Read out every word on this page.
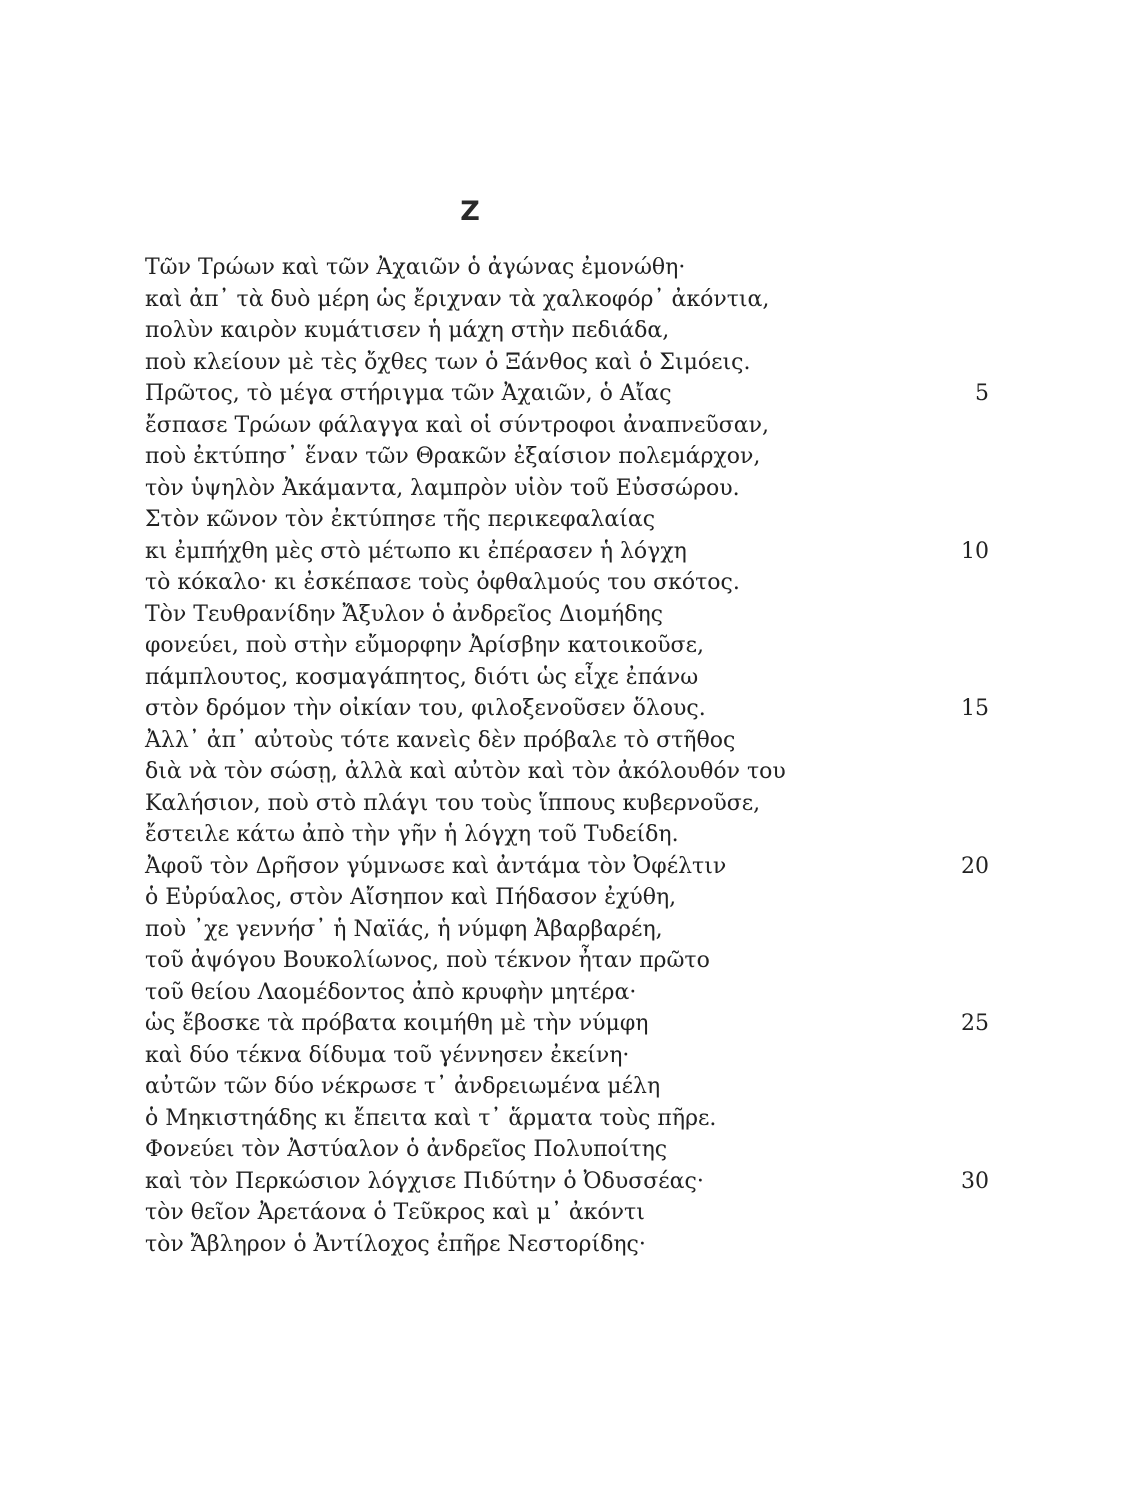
Z
Τῶν Τρώων καὶ τῶν Ἀχαιῶν ὁ ἀγώνας ἐμονώθη·
καὶ ἀπ᾽ τὰ δυὸ μέρη ὡς ἔριχναν τὰ χαλκοφόρ᾽ ἀκόντια,
πολὺν καιρὸν κυμάτισεν ἡ μάχη στὴν πεδιάδα,
ποὺ κλείουν μὲ τὲς ὄχθες των ὁ Ξάνθος καὶ ὁ Σιμόεις.
Πρῶτος, τὸ μέγα στήριγμα τῶν Ἀχαιῶν, ὁ Αἴας	5
ἔσπασε Τρώων φάλαγγα καὶ οἱ σύντροφοι ἀναπνεῦσαν,
ποὺ ἐκτύπησ᾽ ἕναν τῶν Θρακῶν ἐξαίσιον πολεμάρχον,
τὸν ὑψηλὸν Ἀκάμαντα, λαμπρὸν υἱὸν τοῦ Εὐσσώρου.
Στὸν κῶνον τὸν ἐκτύπησε τῆς περικεφαλαίας
κι ἐμπήχθη μὲς στὸ μέτωπο κι ἐπέρασεν ἡ λόγχη	10
τὸ κόκαλο· κι ἐσκέπασε τοὺς ὀφθαλμούς του σκότος.
Τὸν Τευθρανίδην Ἄξυλον ὁ ἀνδρεῖος Διομήδης
φονεύει, ποὺ στὴν εὔμορφην Ἀρίσβην κατοικοῦσε,
πάμπλουτος, κοσμαγάπητος, διότι ὡς εἶχε ἐπάνω
στὸν δρόμον τὴν οἰκίαν του, φιλοξενοῦσεν ὅλους.	15
Ἀλλ᾽ ἀπ᾽ αὐτοὺς τότε κανεὶς δὲν πρόβαλε τὸ στῆθος
διὰ νὰ τὸν σώσῃ, ἀλλὰ καὶ αὐτὸν καὶ τὸν ἀκόλουθόν του
Καλήσιον, ποὺ στὸ πλάγι του τοὺς ἵππους κυβερνοῦσε,
ἔστειλε κάτω ἀπὸ τὴν γῆν ἡ λόγχη τοῦ Τυδείδη.
Ἀφοῦ τὸν Δρῆσον γύμνωσε καὶ ἀντάμα τὸν Ὀφέλτιν	20
ὁ Εὐρύαλος, στὸν Αἴσηπον καὶ Πήδασον ἐχύθη,
ποὺ ᾽χε γεννήσ᾽ ἡ Ναϊάς, ἡ νύμφη Ἀβαρβαρέη,
τοῦ ἀψόγου Βουκολίωνος, ποὺ τέκνον ἦταν πρῶτο
τοῦ θείου Λαομέδοντος ἀπὸ κρυφὴν μητέρα·
ὡς ἔβοσκε τὰ πρόβατα κοιμήθη μὲ τὴν νύμφη	25
καὶ δύο τέκνα δίδυμα τοῦ γέννησεν ἐκείνη·
αὐτῶν τῶν δύο νέκρωσε τ᾽ ἀνδρειωμένα μέλη
ὁ Μηκιστηάδης κι ἔπειτα καὶ τ᾽ ἅρματα τοὺς πῆρε.
Φονεύει τὸν Ἀστύαλον ὁ ἀνδρεῖος Πολυποίτης
καὶ τὸν Περκώσιον λόγχισε Πιδύτην ὁ Ὀδυσσέας·	30
τὸν θεῖον Ἀρετάονα ὁ Τεῦκρος καὶ μ᾽ ἀκόντι
τὸν Ἄβληρον ὁ Ἀντίλοχος ἐπῆρε Νεστορίδης·
